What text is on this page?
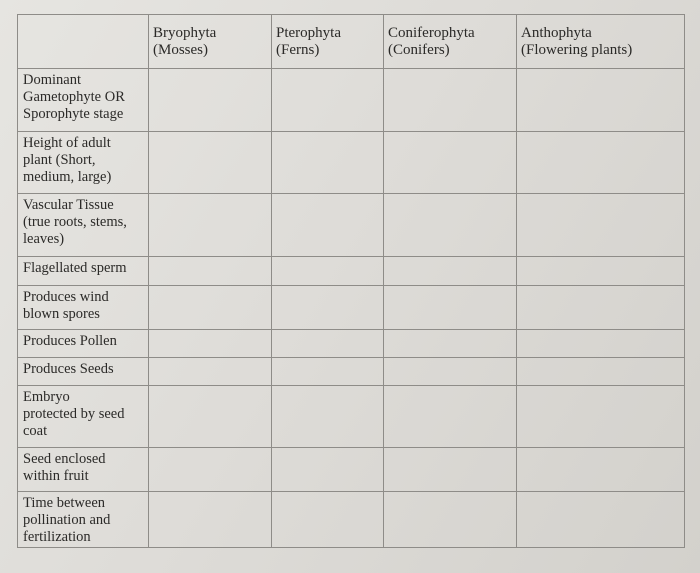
Bryophyta
(Mosses)
Pterophyta
(Ferns)
Coniferophyta
(Conifers)
Anthophyta
(Flowering plants)
Dominant
Gametophyte OR
Sporophyte stage
Height of adult
plant (Short,
medium, large)
Vascular Tissue
(true roots, stems,
leaves)
Flagellated sperm
Produces wind
blown spores
Produces Pollen
Produces Seeds
Embryo
protected by seed
coat
Seed enclosed
within fruit
Time between
pollination and
fertilization
